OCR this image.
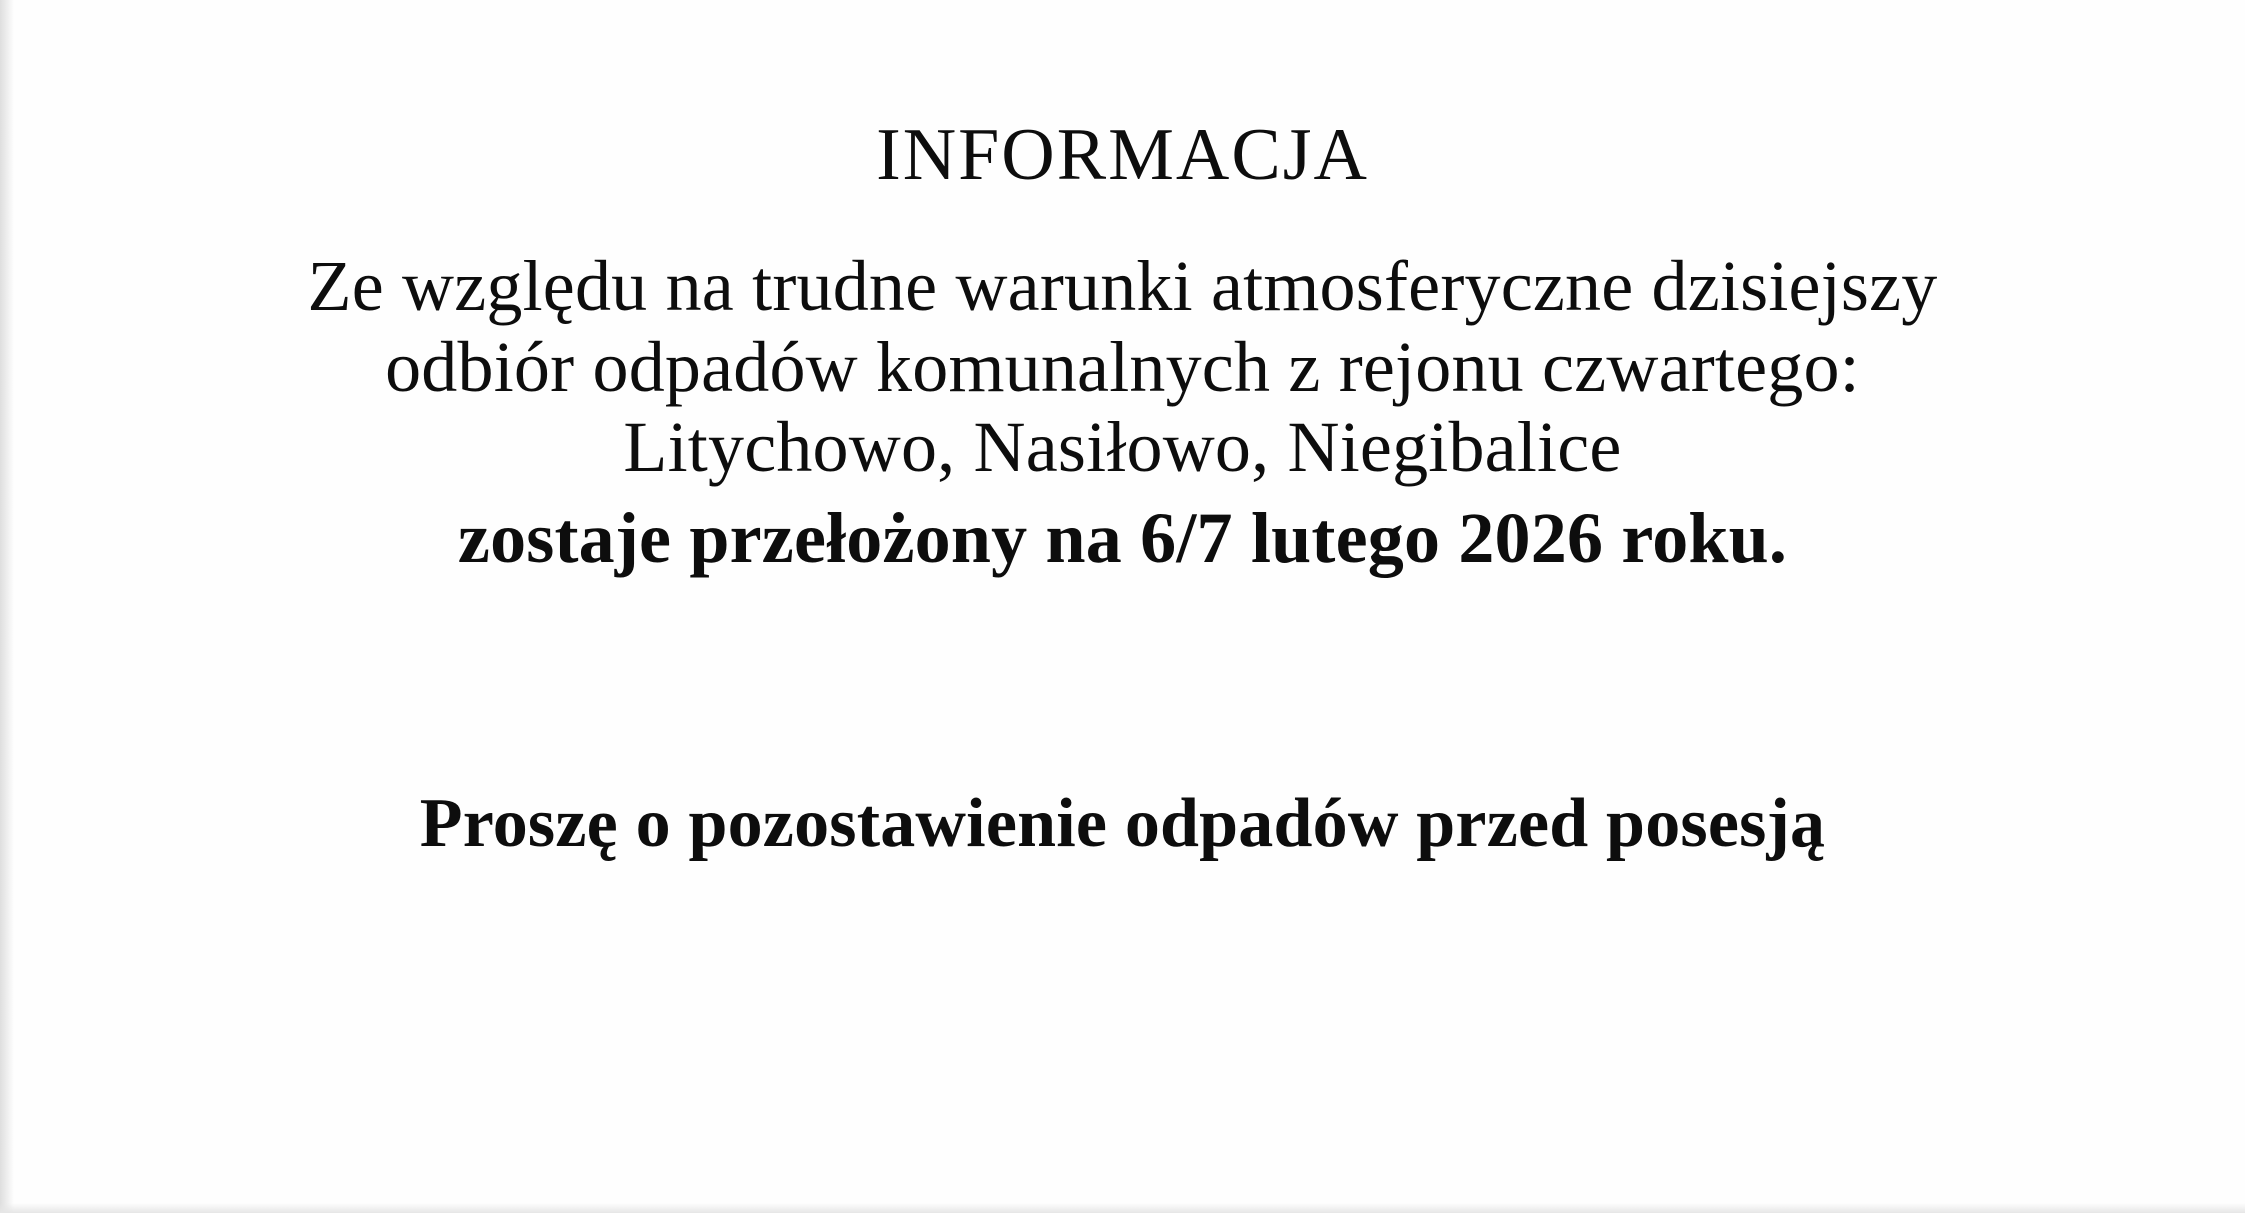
INFORMACJA
Ze względu na trudne warunki atmosferyczne dzisiejszy
odbiór odpadów komunalnych z rejonu czwartego:
Litychowo, Nasiłowo, Niegibalice
zostaje przełożony na 6/7 lutego 2026 roku.
Proszę o pozostawienie odpadów przed posesją
